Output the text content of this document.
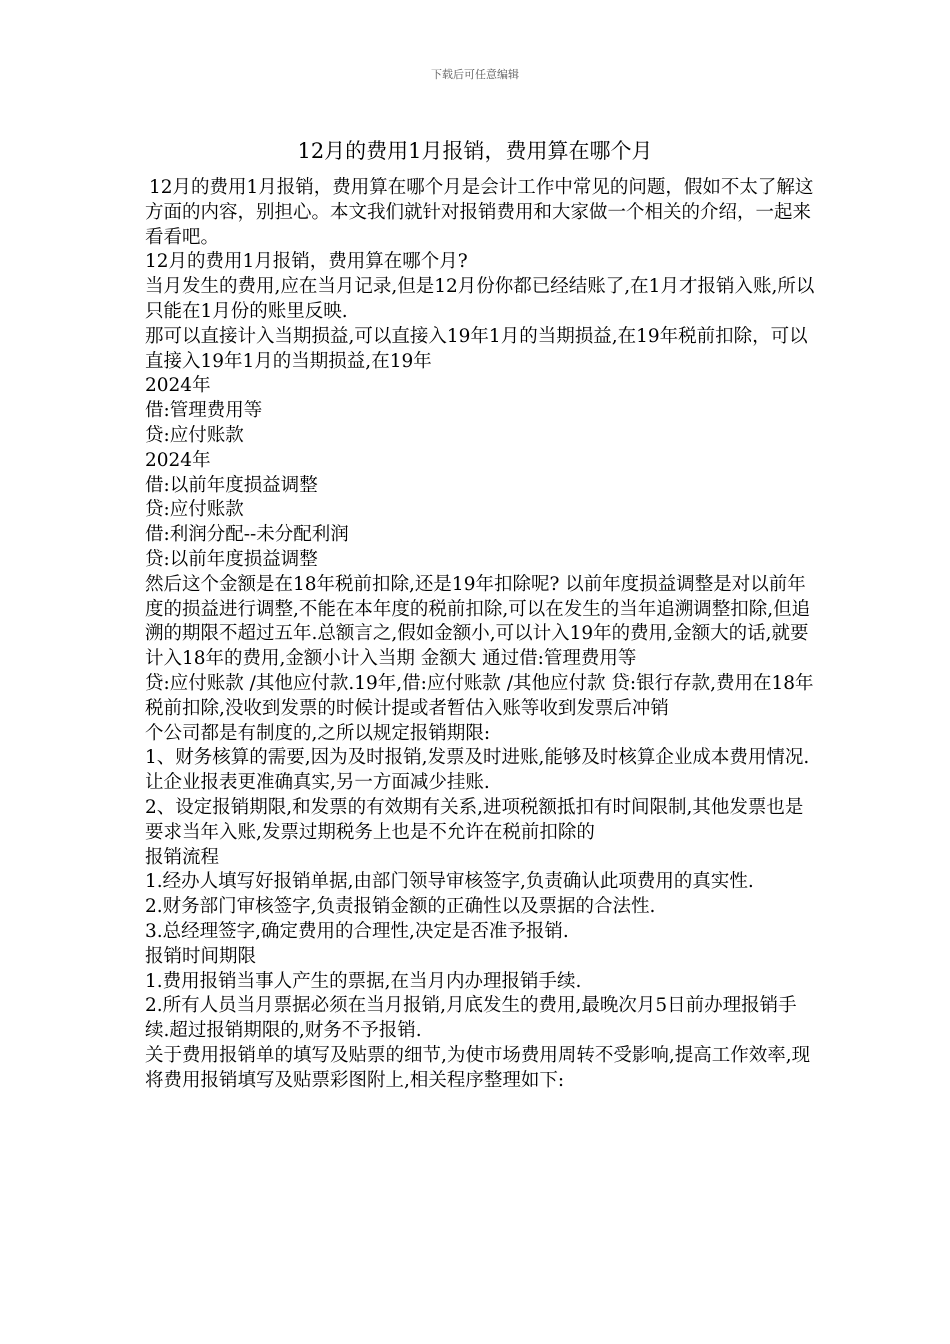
下载后可任意编辑
12月的费用1月报销，费用算在哪个月

12月的费用1月报销，费用算在哪个月是会计工作中常见的问题，假如不太了解这方面的内容，别担心。本文我们就针对报销费用和大家做一个相关的介绍，一起来看看吧。

12月的费用1月报销，费用算在哪个月?

当月发生的费用,应在当月记录,但是12月份你都已经结账了,在1月才报销入账,所以只能在1月份的账里反映.

那可以直接计入当期损益,可以直接入19年1月的当期损益,在19年税前扣除，可以直接入19年1月的当期损益,在19年

2024年

借:管理费用等

贷:应付账款

2024年

借:以前年度损益调整

贷:应付账款

借:利润分配--未分配利润

贷:以前年度损益调整

然后这个金额是在18年税前扣除,还是19年扣除呢? 以前年度损益调整是对以前年度的损益进行调整,不能在本年度的税前扣除,可以在发生的当年追溯调整扣除,但追溯的期限不超过五年.总额言之,假如金额小,可以计入19年的费用,金额大的话,就要计入18年的费用,金额小计入当期 金额大 通过借:管理费用等

贷:应付账款 /其他应付款.19年,借:应付账款 /其他应付款 贷:银行存款,费用在18年税前扣除,没收到发票的时候计提或者暂估入账等收到发票后冲销

个公司都是有制度的,之所以规定报销期限:

1、财务核算的需要,因为及时报销,发票及时进账,能够及时核算企业成本费用情况.让企业报表更准确真实,另一方面减少挂账.

2、设定报销期限,和发票的有效期有关系,进项税额抵扣有时间限制,其他发票也是要求当年入账,发票过期税务上也是不允许在税前扣除的

报销流程

1.经办人填写好报销单据,由部门领导审核签字,负责确认此项费用的真实性.

2.财务部门审核签字,负责报销金额的正确性以及票据的合法性.

3.总经理签字,确定费用的合理性,决定是否准予报销.

报销时间期限

1.费用报销当事人产生的票据,在当月内办理报销手续.

2.所有人员当月票据必须在当月报销,月底发生的费用,最晚次月5日前办理报销手续.超过报销期限的,财务不予报销.

关于费用报销单的填写及贴票的细节,为使市场费用周转不受影响,提高工作效率,现 将费用报销填写及贴票彩图附上,相关程序整理如下:
